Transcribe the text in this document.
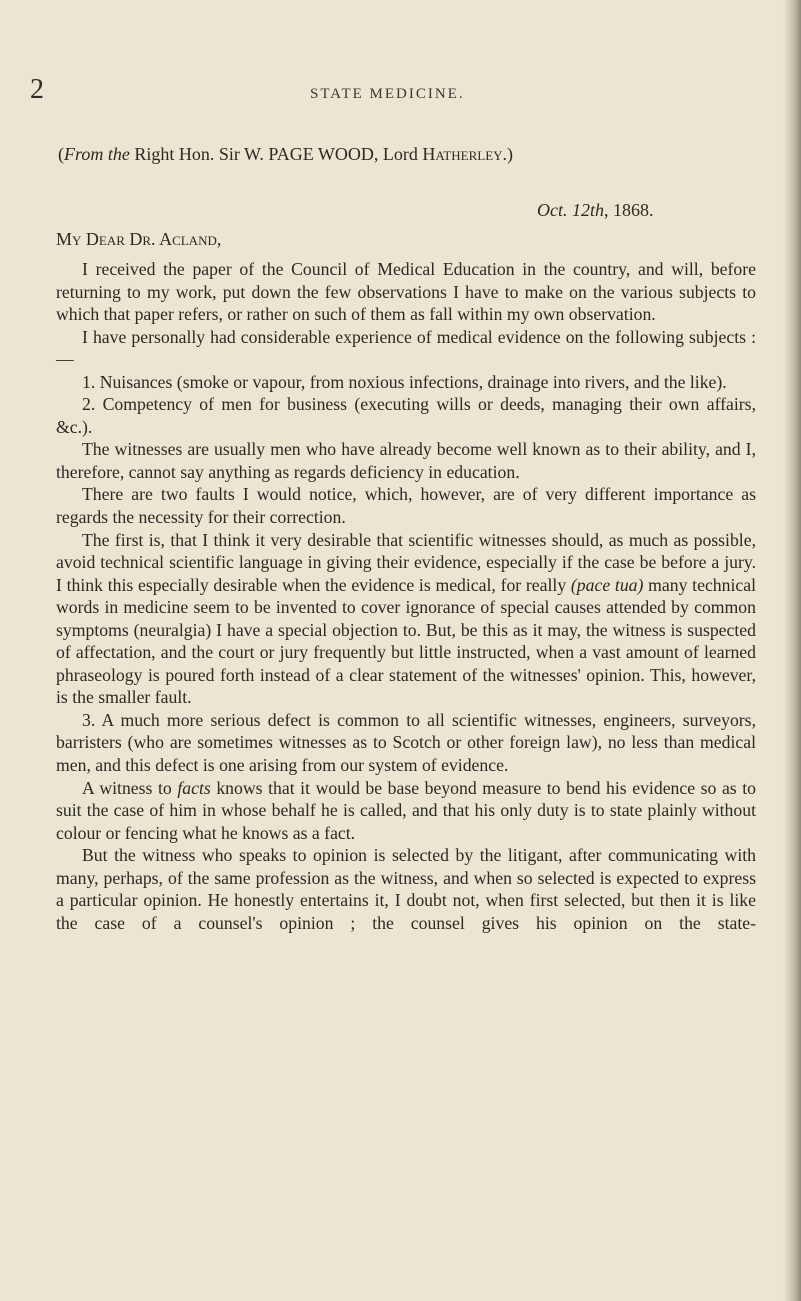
2	STATE MEDICINE.
(From the Right Hon. Sir W. PAGE WOOD, Lord Hatherley.)
Oct. 12th, 1868.
My Dear Dr. Acland,

I received the paper of the Council of Medical Education in the country, and will, before returning to my work, put down the few observations I have to make on the various subjects to which that paper refers, or rather on such of them as fall within my own observation.

I have personally had considerable experience of medical evidence on the following subjects :—

1. Nuisances (smoke or vapour, from noxious infections, drainage into rivers, and the like).

2. Competency of men for business (executing wills or deeds, managing their own affairs, &c.).

The witnesses are usually men who have already become well known as to their ability, and I, therefore, cannot say anything as regards deficiency in education.

There are two faults I would notice, which, however, are of very different importance as regards the necessity for their correction.

The first is, that I think it very desirable that scientific witnesses should, as much as possible, avoid technical scientific language in giving their evidence, especially if the case be before a jury. I think this especially desirable when the evidence is medical, for really (pace tua) many technical words in medicine seem to be invented to cover ignorance of special causes attended by common symptoms (neuralgia) I have a special objection to. But, be this as it may, the witness is suspected of affectation, and the court or jury frequently but little instructed, when a vast amount of learned phraseology is poured forth instead of a clear statement of the witnesses' opinion. This, however, is the smaller fault.

3. A much more serious defect is common to all scientific witnesses, engineers, surveyors, barristers (who are sometimes witnesses as to Scotch or other foreign law), no less than medical men, and this defect is one arising from our system of evidence.

A witness to facts knows that it would be base beyond measure to bend his evidence so as to suit the case of him in whose behalf he is called, and that his only duty is to state plainly without colour or fencing what he knows as a fact.

But the witness who speaks to opinion is selected by the litigant, after communicating with many, perhaps, of the same profession as the witness, and when so selected is expected to express a particular opinion. He honestly entertains it, I doubt not, when first selected, but then it is like the case of a counsel's opinion ; the counsel gives his opinion on the state-
